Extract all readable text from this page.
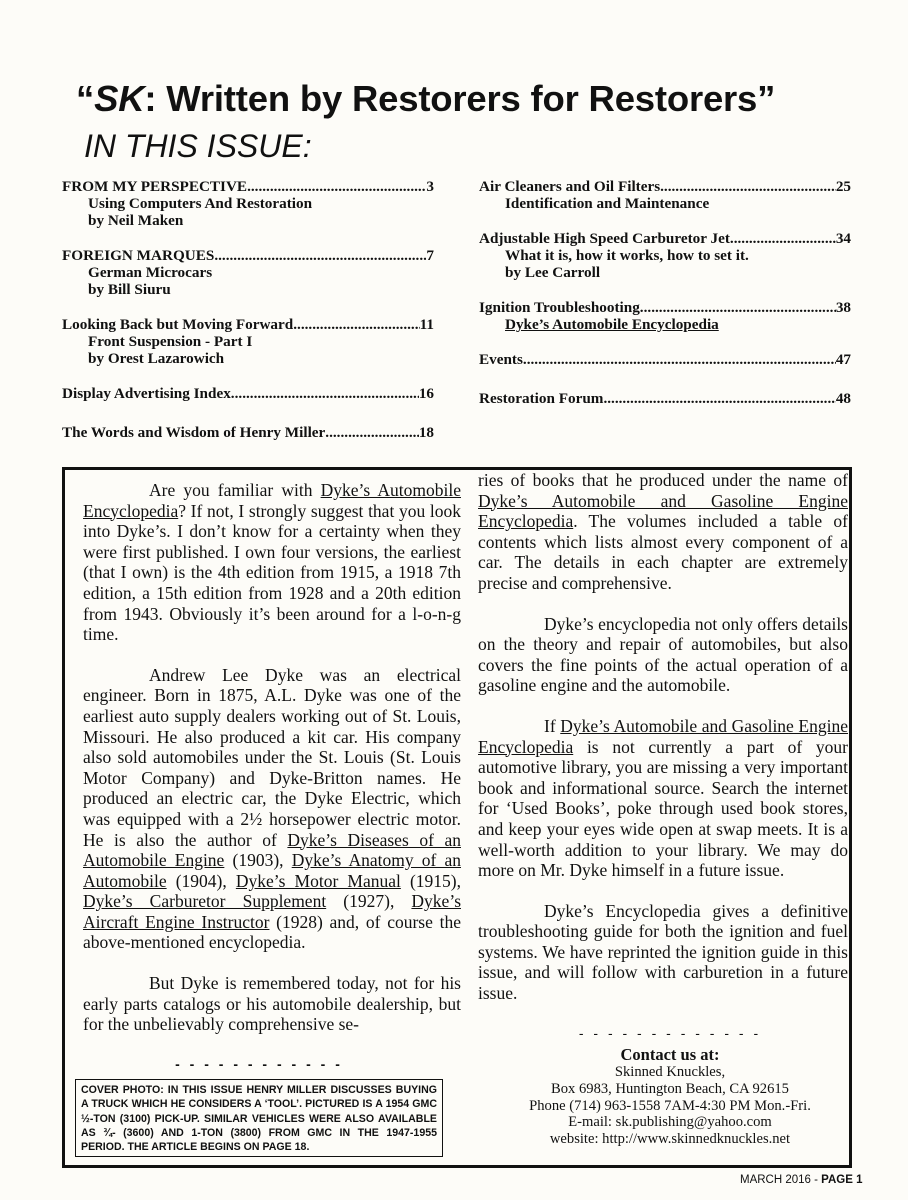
“SK: Written by Restorers for Restorers”
IN THIS ISSUE:
FROM MY PERSPECTIVE .....	3
Using Computers And Restoration
by Neil Maken
FOREIGN MARQUES .....	7
German Microcars
by Bill Siuru
Looking Back but Moving Forward .....	11
Front Suspension - Part I
by Orest Lazarowich
Display Advertising Index .....	16
The Words and Wisdom of Henry Miller .....	18
Air Cleaners and Oil Filters .....	25
Identification and Maintenance
Adjustable High Speed Carburetor Jet .....	34
What it is, how it works, how to set it.
by Lee Carroll
Ignition Troubleshooting .....	38
Dyke’s Automobile Encyclopedia
Events .....	47
Restoration Forum .....	48

Are you familiar with Dyke’s Automobile Encyclopedia? If not, I strongly suggest that you look into Dyke’s. I don’t know for a certainty when they were first published. I own four versions, the earliest (that I own) is the 4th edition from 1915, a 1918 7th edition, a 15th edition from 1928 and a 20th edition from 1943. Obviously it’s been around for a l-o-n-g time.

Andrew Lee Dyke was an electrical engineer. Born in 1875, A.L. Dyke was one of the earliest auto supply dealers working out of St. Louis, Missouri. He also produced a kit car. His company also sold automobiles under the St. Louis (St. Louis Motor Company) and Dyke-Britton names. He produced an electric car, the Dyke Electric, which was equipped with a 2½ horsepower electric motor. He is also the author of Dyke’s Diseases of an Automobile Engine (1903), Dyke’s Anatomy of an Automobile (1904), Dyke’s Motor Manual (1915), Dyke’s Carburetor Supplement (1927), Dyke’s Aircraft Engine Instructor (1928) and, of course the above-mentioned encyclopedia.

But Dyke is remembered today, not for his early parts catalogs or his automobile dealership, but for the unbelievably comprehensive se-

- - - - - - - - - - - -
COVER PHOTO: IN THIS ISSUE HENRY MILLER DISCUSSES BUYING A TRUCK WHICH HE CONSIDERS A ‘TOOL’. PICTURED IS A 1954 GMC ½-TON (3100) PICK-UP. SIMILAR VEHICLES WERE ALSO AVAILABLE AS ¾- (3600) AND 1-TON (3800) FROM GMC IN THE 1947-1955 PERIOD. THE ARTICLE BEGINS ON PAGE 18.

ries of books that he produced under the name of Dyke’s Automobile and Gasoline Engine Encyclopedia. The volumes included a table of contents which lists almost every component of a car. The details in each chapter are extremely precise and comprehensive.

Dyke’s encyclopedia not only offers details on the theory and repair of automobiles, but also covers the fine points of the actual operation of a gasoline engine and the automobile.

If Dyke’s Automobile and Gasoline Engine Encyclopedia is not currently a part of your automotive library, you are missing a very important book and informational source. Search the internet for ‘Used Books’, poke through used book stores, and keep your eyes wide open at swap meets. It is a well-worth addition to your library. We may do more on Mr. Dyke himself in a future issue.

Dyke’s Encyclopedia gives a definitive troubleshooting guide for both the ignition and fuel systems. We have reprinted the ignition guide in this issue, and will follow with carburetion in a future issue.

- - - - - - - - - - - - -
Contact us at:
Skinned Knuckles,
Box 6983, Huntington Beach, CA 92615
Phone (714) 963-1558 7AM-4:30 PM Mon.-Fri.
E-mail: sk.publishing@yahoo.com
website: http://www.skinnedknuckles.net
MARCH 2016 - PAGE 1
